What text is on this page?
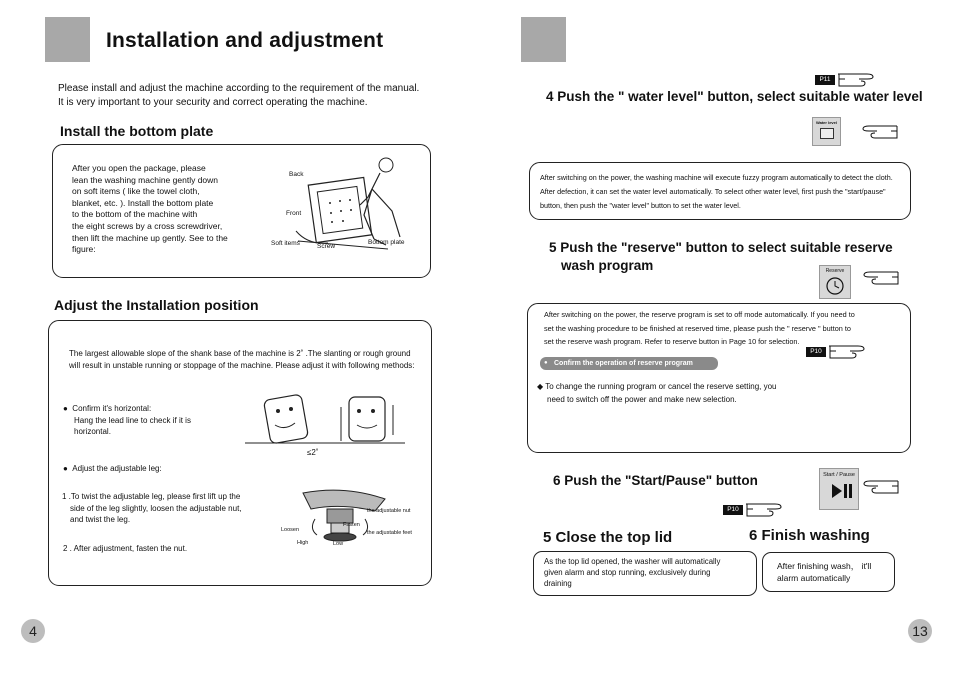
Installation and adjustment
Please install and adjust the machine according to the requirement of the manual.
It is very important to your security and correct operating the machine.
Install the bottom plate
After you open the package, please
lean the washing machine gently down
on soft items ( like the towel cloth,
blanket, etc. ). Install the bottom plate
to the bottom of the machine with
the eight screws by a cross screwdriver,
then lift the machine up gently. See to the
figure:
Back
Front
Soft items	Screw
Bottom plate
Adjust the Installation position
The largest allowable slope of the shank base of the machine is 2˚ .The slanting or rough ground
will result in unstable running or stoppage of the machine. Please adjust it with following methods:
● Confirm it's horizontal:
Hang the lead line to check if it is
horizontal.
≤2˚
● Adjust the adjustable leg:
1 .To twist the adjustable leg, please first lift up the
side of the leg slightly, loosen the adjustable nut,
and twist the leg.
2 . After adjustment, fasten the nut.
the adjustable nut
Fasten
Loosen	the adjustable feet
High	Low
4
P11
4 Push the " water level" button, select suitable water level
Water level
After switching on the power, the washing machine will execute fuzzy program automatically to detect the cloth.
After defection, it can set the water level automatically. To select other water level, first push the "start/pause"
button, then push the "water level" button to set the water level.
5 Push the "reserve" button to select suitable reserve
wash program	Reserve
After switching on the power, the reserve program is set to off mode automatically. If you need to
set the washing procedure to be finished at reserved time, please push the " reserve " button to
set the reserve wash program. Refer to reserve button in Page 10 for selection.
P10
● Confirm the operation of reserve program
◆ To change the running program or cancel the reserve setting, you
need to switch off the power and make new selection.
6 Push the "Start/Pause" button	Start / Pause
P10
5 Close the top lid
As the top lid opened, the washer will automatically
given alarm and stop running, exclusively during
draining
6 Finish washing
After finishing wash， it'll
alarm automatically
13
